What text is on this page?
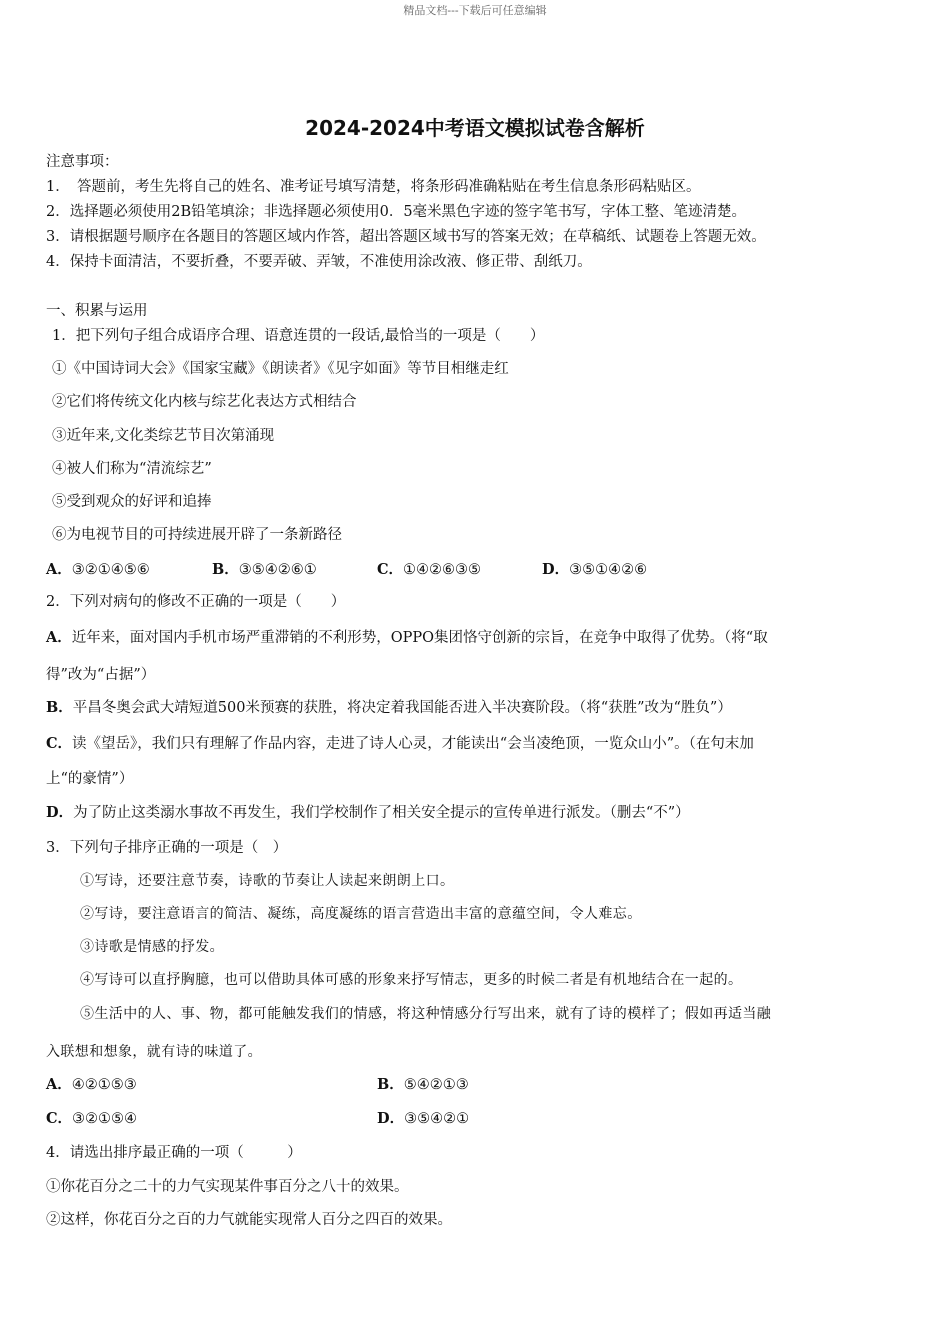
精品文档---下载后可任意编辑
2024-2024中考语文模拟试卷含解析
注意事项：
1．　答题前，考生先将自己的姓名、准考证号填写清楚，将条形码准确粘贴在考生信息条形码粘贴区。
2．选择题必须使用2B铅笔填涂；非选择题必须使用0．5毫米黑色字迹的签字笔书写，字体工整、笔迹清楚。
3．请根据题号顺序在各题目的答题区域内作答，超出答题区域书写的答案无效；在草稿纸、试题卷上答题无效。
4．保持卡面清洁，不要折叠，不要弄破、弄皱，不准使用涂改液、修正带、刮纸刀。
一、积累与运用
1．把下列句子组合成语序合理、语意连贯的一段话,最恰当的一项是（　　）
①《中国诗词大会》《国家宝藏》《朗读者》《见字如面》等节目相继走红
②它们将传统文化内核与综艺化表达方式相结合
③近年来,文化类综艺节目次第涌现
④被人们称为“清流综艺”
⑤受到观众的好评和追捧
⑥为电视节目的可持续进展开辟了一条新路径
A．③②①④⑤⑥	B．③⑤④②⑥①	C．①④②⑥③⑤	D．③⑤①④②⑥
2．下列对病句的修改不正确的一项是（　　）
A．近年来，面对国内手机市场严重滞销的不利形势，OPPO集团恪守创新的宗旨，在竞争中取得了优势。（将“取
得”改为“占据”）
B．平昌冬奥会武大靖短道500米预赛的获胜，将决定着我国能否进入半决赛阶段。（将“获胜”改为“胜负”）
C．读《望岳》，我们只有理解了作品内容，走进了诗人心灵，才能读出“会当凌绝顶，一览众山小”。（在句末加
上“的豪情”）
D．为了防止这类溺水事故不再发生，我们学校制作了相关安全提示的宣传单进行派发。（删去“不”）
3．下列句子排序正确的一项是（　）
①写诗，还要注意节奏，诗歌的节奏让人读起来朗朗上口。
②写诗，要注意语言的简洁、凝练，高度凝练的语言营造出丰富的意蕴空间，令人难忘。
③诗歌是情感的抒发。
④写诗可以直抒胸臆，也可以借助具体可感的形象来抒写情志，更多的时候二者是有机地结合在一起的。
⑤生活中的人、事、物，都可能触发我们的情感，将这种情感分行写出来，就有了诗的模样了；假如再适当融
入联想和想象，就有诗的味道了。
A．④②①⑤③	B．⑤④②①③
C．③②①⑤④	D．③⑤④②①
4．请选出排序最正确的一项（　　　）
①你花百分之二十的力气实现某件事百分之八十的效果。
②这样，你花百分之百的力气就能实现常人百分之四百的效果。
